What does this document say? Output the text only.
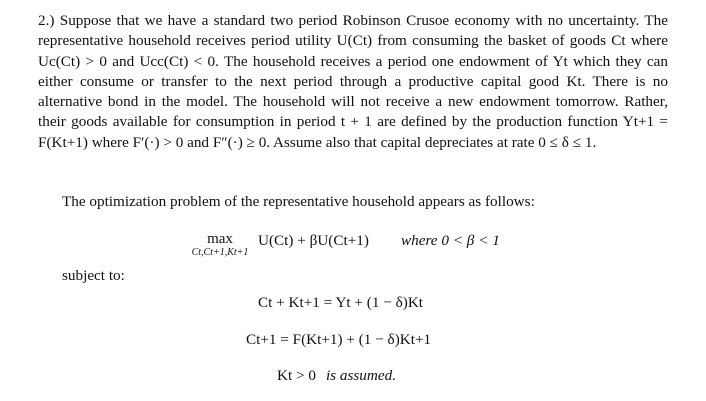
2.) Suppose that we have a standard two period Robinson Crusoe economy with no uncertainty. The representative household receives period utility U(Ct) from consuming the basket of goods Ct where Uc(Ct) > 0 and Ucc(Ct) < 0. The household receives a period one endowment of Yt which they can either consume or transfer to the next period through a productive capital good Kt. There is no alternative bond in the model. The household will not receive a new endowment tomorrow. Rather, their goods available for consumption in period t + 1 are defined by the production function Yt+1 = F(Kt+1) where F′(·) > 0 and F″(·) ≥ 0. Assume also that capital depreciates at rate 0 ≤ δ ≤ 1.

The optimization problem of the representative household appears as follows:
max
Ct,Ct+1,Kt+1
U(Ct) + βU(Ct+1) where 0 < β < 1
subject to:
Ct + Kt+1 = Yt + (1 − δ)Kt
Ct+1 = F(Kt+1) + (1 − δ)Kt+1
Kt > 0 is assumed.
